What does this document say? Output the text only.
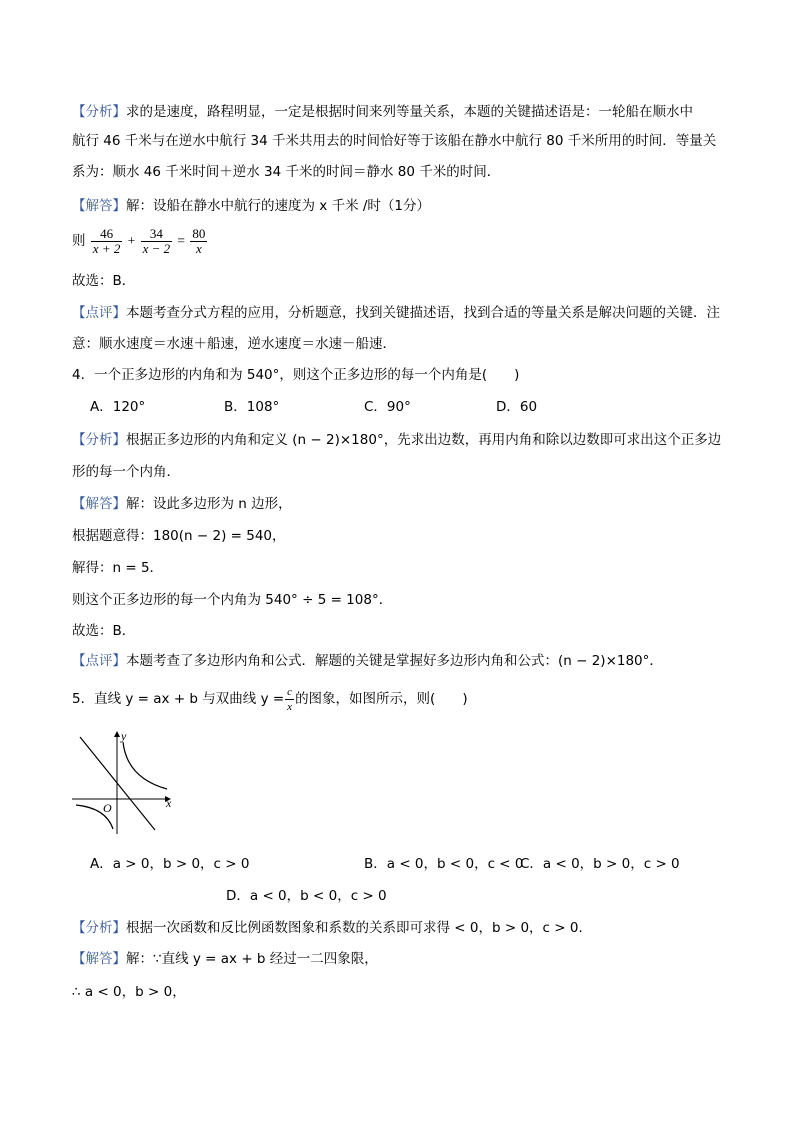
【分析】求的是速度，路程明显，一定是根据时间来列等量关系，本题的关键描述语是：一轮船在顺水中
航行 46 千米与在逆水中航行 34 千米共用去的时间恰好等于该船在静水中航行 80 千米所用的时间．等量关
系为：顺水 46 千米时间＋逆水 34 千米的时间＝静水 80 千米的时间．
【解答】解：设船在静水中航行的速度为 x 千米 /时（1分）
则 $\frac{46}{x + 2} + \frac{34}{x - 2} = \frac{80}{x}$
故选：B．
【点评】本题考查分式方程的应用，分析题意，找到关键描述语，找到合适的等量关系是解决问题的关键．注
意：顺水速度＝水速＋船速，逆水速度＝水速－船速．
4．一个正多边形的内角和为 540°，则这个正多边形的每一个内角是(　　)
A．120°	B．108°	C．90°	D．60
【分析】根据正多边形的内角和定义 (n − 2)×180°，先求出边数，再用内角和除以边数即可求出这个正多边
形的每一个内角．
【解答】解：设此多边形为 n 边形，
根据题意得：180(n − 2) = 540，
解得：n = 5．
则这个正多边形的每一个内角为 540° ÷ 5 = 108°．
故选：B．
【点评】本题考查了多边形内角和公式．解题的关键是掌握好多边形内角和公式：(n − 2)×180°．
5．直线 y = ax + b 与双曲线 $y = \frac{c}{x}$ 的图象，如图所示，则(　　)
y
x
O
A．a > 0，b > 0，c > 0	B．a < 0，b < 0，c < 0
C．a < 0，b > 0，c > 0
D．a < 0，b < 0，c > 0
【分析】根据一次函数和反比例函数图象和系数的关系即可求得 < 0，b > 0，c > 0．
【解答】解：∵直线 y = ax + b 经过一二四象限，
∴ a < 0，b > 0，
